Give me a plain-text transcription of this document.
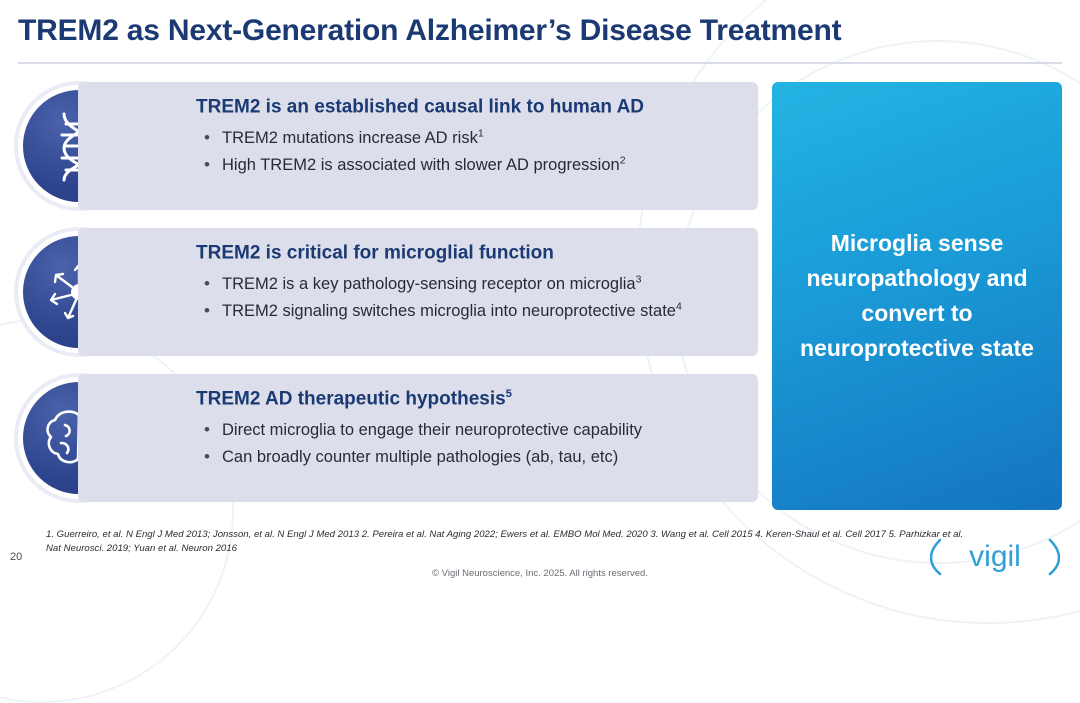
TREM2 as Next-Generation Alzheimer’s Disease Treatment
TREM2 is an established causal link to human AD
• TREM2 mutations increase AD risk$^1$
• High TREM2 is associated with slower AD progression$^2$
TREM2 is critical for microglial function
• TREM2 is a key pathology-sensing receptor on microglia$^3$
• TREM2 signaling switches microglia into neuroprotective state$^4$
TREM2 AD therapeutic hypothesis$^5$
• Direct microglia to engage their neuroprotective capability
• Can broadly counter multiple pathologies (ab, tau, etc)
Microglia sense neuropathology and convert to neuroprotective state
1. Guerreiro, et al. N Engl J Med 2013; Jonsson, et al. N Engl J Med 2013 2. Pereira et al. Nat Aging 2022; Ewers et al. EMBO Mol Med. 2020 3. Wang et al. Cell 2015 4. Keren-Shaul et al. Cell 2017 5. Parhizkar et al. Nat Neurosci. 2019; Yuan et al. Neuron 2016
20
© Vigil Neuroscience, Inc. 2025. All rights reserved.
vigil
